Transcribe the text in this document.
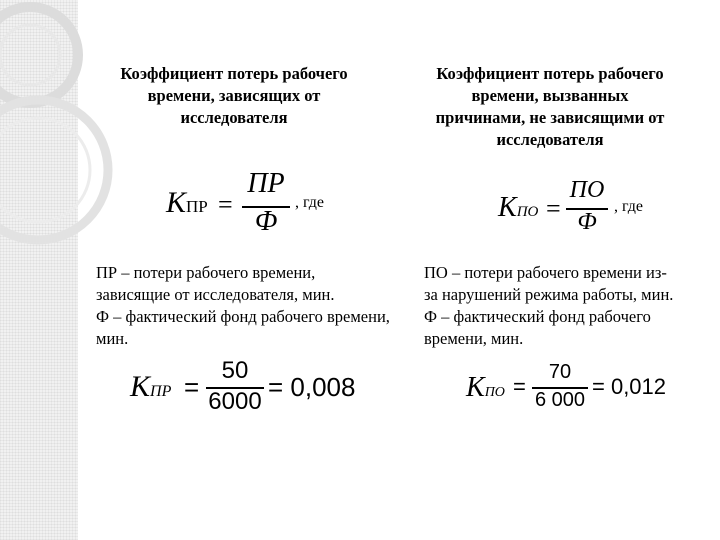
Коэффициент потерь рабочего
времени, зависящих от
исследователя
Коэффициент потерь рабочего
времени, вызванных
причинами, не зависящими от
исследователя
KПР =
ПР
Ф
, где	KПО =
ПО
Ф
, где
ПР – потери рабочего времени,	ПО – потери рабочего времени из-
зависящие от исследователя, мин.	за нарушений режима работы, мин.
Ф – фактический фонд рабочего времени, Ф – фактический фонд рабочего
мин.	времени, мин.
KПР =
50
6000 = 0,008	KПО =
70
6 000
= 0,012
